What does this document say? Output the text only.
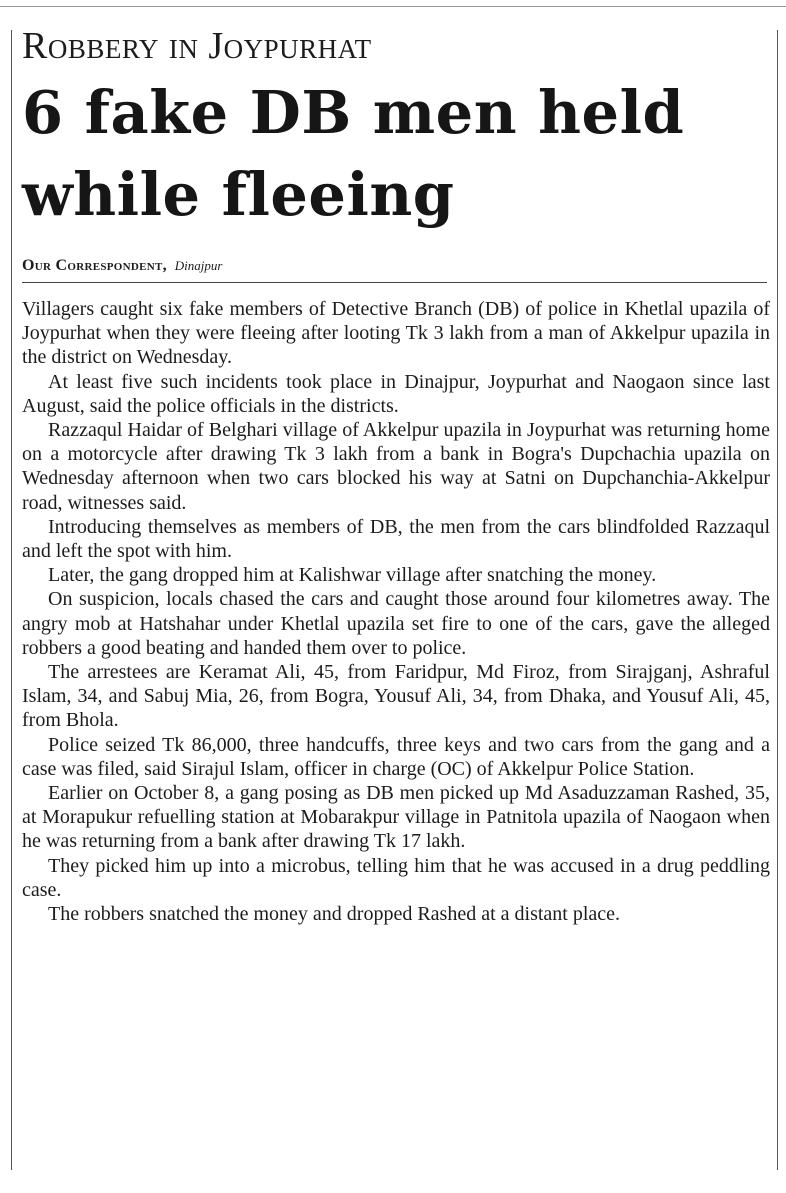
Robbery in Joypurhat
6 fake DB men held while fleeing
Our Correspondent, Dinajpur

Villagers caught six fake members of Detective Branch (DB) of police in Khetlal upazila of Joypurhat when they were fleeing after looting Tk 3 lakh from a man of Akkelpur upazila in the district on Wednesday.

At least five such incidents took place in Dinajpur, Joypurhat and Naogaon since last August, said the police officials in the districts.

Razzaqul Haidar of Belghari village of Akkelpur upazila in Joypurhat was returning home on a motorcycle after drawing Tk 3 lakh from a bank in Bogra's Dupchachia upazila on Wednesday afternoon when two cars blocked his way at Satni on Dupchanchia-Akkelpur road, witnesses said.

Introducing themselves as members of DB, the men from the cars blindfolded Razzaqul and left the spot with him.

Later, the gang dropped him at Kalishwar village after snatching the money.

On suspicion, locals chased the cars and caught those around four kilometres away. The angry mob at Hatshahar under Khetlal upazila set fire to one of the cars, gave the alleged robbers a good beating and handed them over to police.

The arrestees are Keramat Ali, 45, from Faridpur, Md Firoz, from Sirajganj, Ashraful Islam, 34, and Sabuj Mia, 26, from Bogra, Yousuf Ali, 34, from Dhaka, and Yousuf Ali, 45, from Bhola.

Police seized Tk 86,000, three handcuffs, three keys and two cars from the gang and a case was filed, said Sirajul Islam, officer in charge (OC) of Akkelpur Police Station.

Earlier on October 8, a gang posing as DB men picked up Md Asaduzzaman Rashed, 35, at Morapukur refuelling station at Mobarakpur village in Patnitola upazila of Naogaon when he was returning from a bank after drawing Tk 17 lakh.

They picked him up into a microbus, telling him that he was accused in a drug peddling case.

The robbers snatched the money and dropped Rashed at a distant place.
